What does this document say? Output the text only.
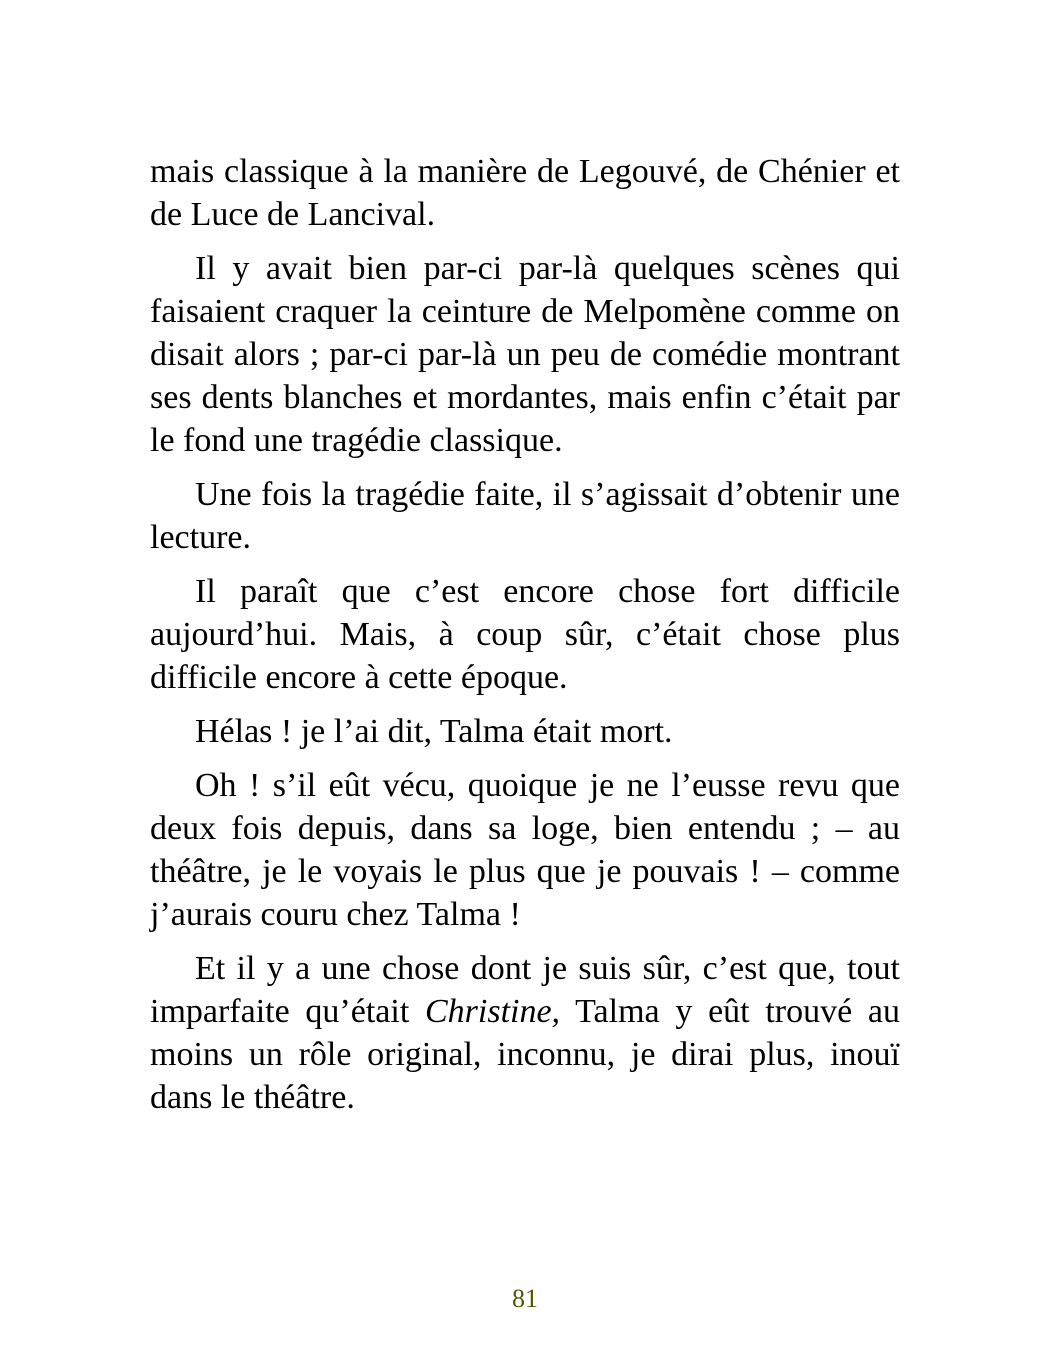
mais classique à la manière de Legouvé, de Chénier et de Luce de Lancival.

Il y avait bien par-ci par-là quelques scènes qui faisaient craquer la ceinture de Melpomène comme on disait alors ; par-ci par-là un peu de comédie montrant ses dents blanches et mordantes, mais enfin c’était par le fond une tragédie classique.

Une fois la tragédie faite, il s’agissait d’obtenir une lecture.

Il paraît que c’est encore chose fort difficile aujourd’hui. Mais, à coup sûr, c’était chose plus difficile encore à cette époque.

Hélas ! je l’ai dit, Talma était mort.

Oh ! s’il eût vécu, quoique je ne l’eusse revu que deux fois depuis, dans sa loge, bien entendu ; – au théâtre, je le voyais le plus que je pouvais ! – comme j’aurais couru chez Talma !

Et il y a une chose dont je suis sûr, c’est que, tout imparfaite qu’était Christine, Talma y eût trouvé au moins un rôle original, inconnu, je dirai plus, inouï dans le théâtre.

81
